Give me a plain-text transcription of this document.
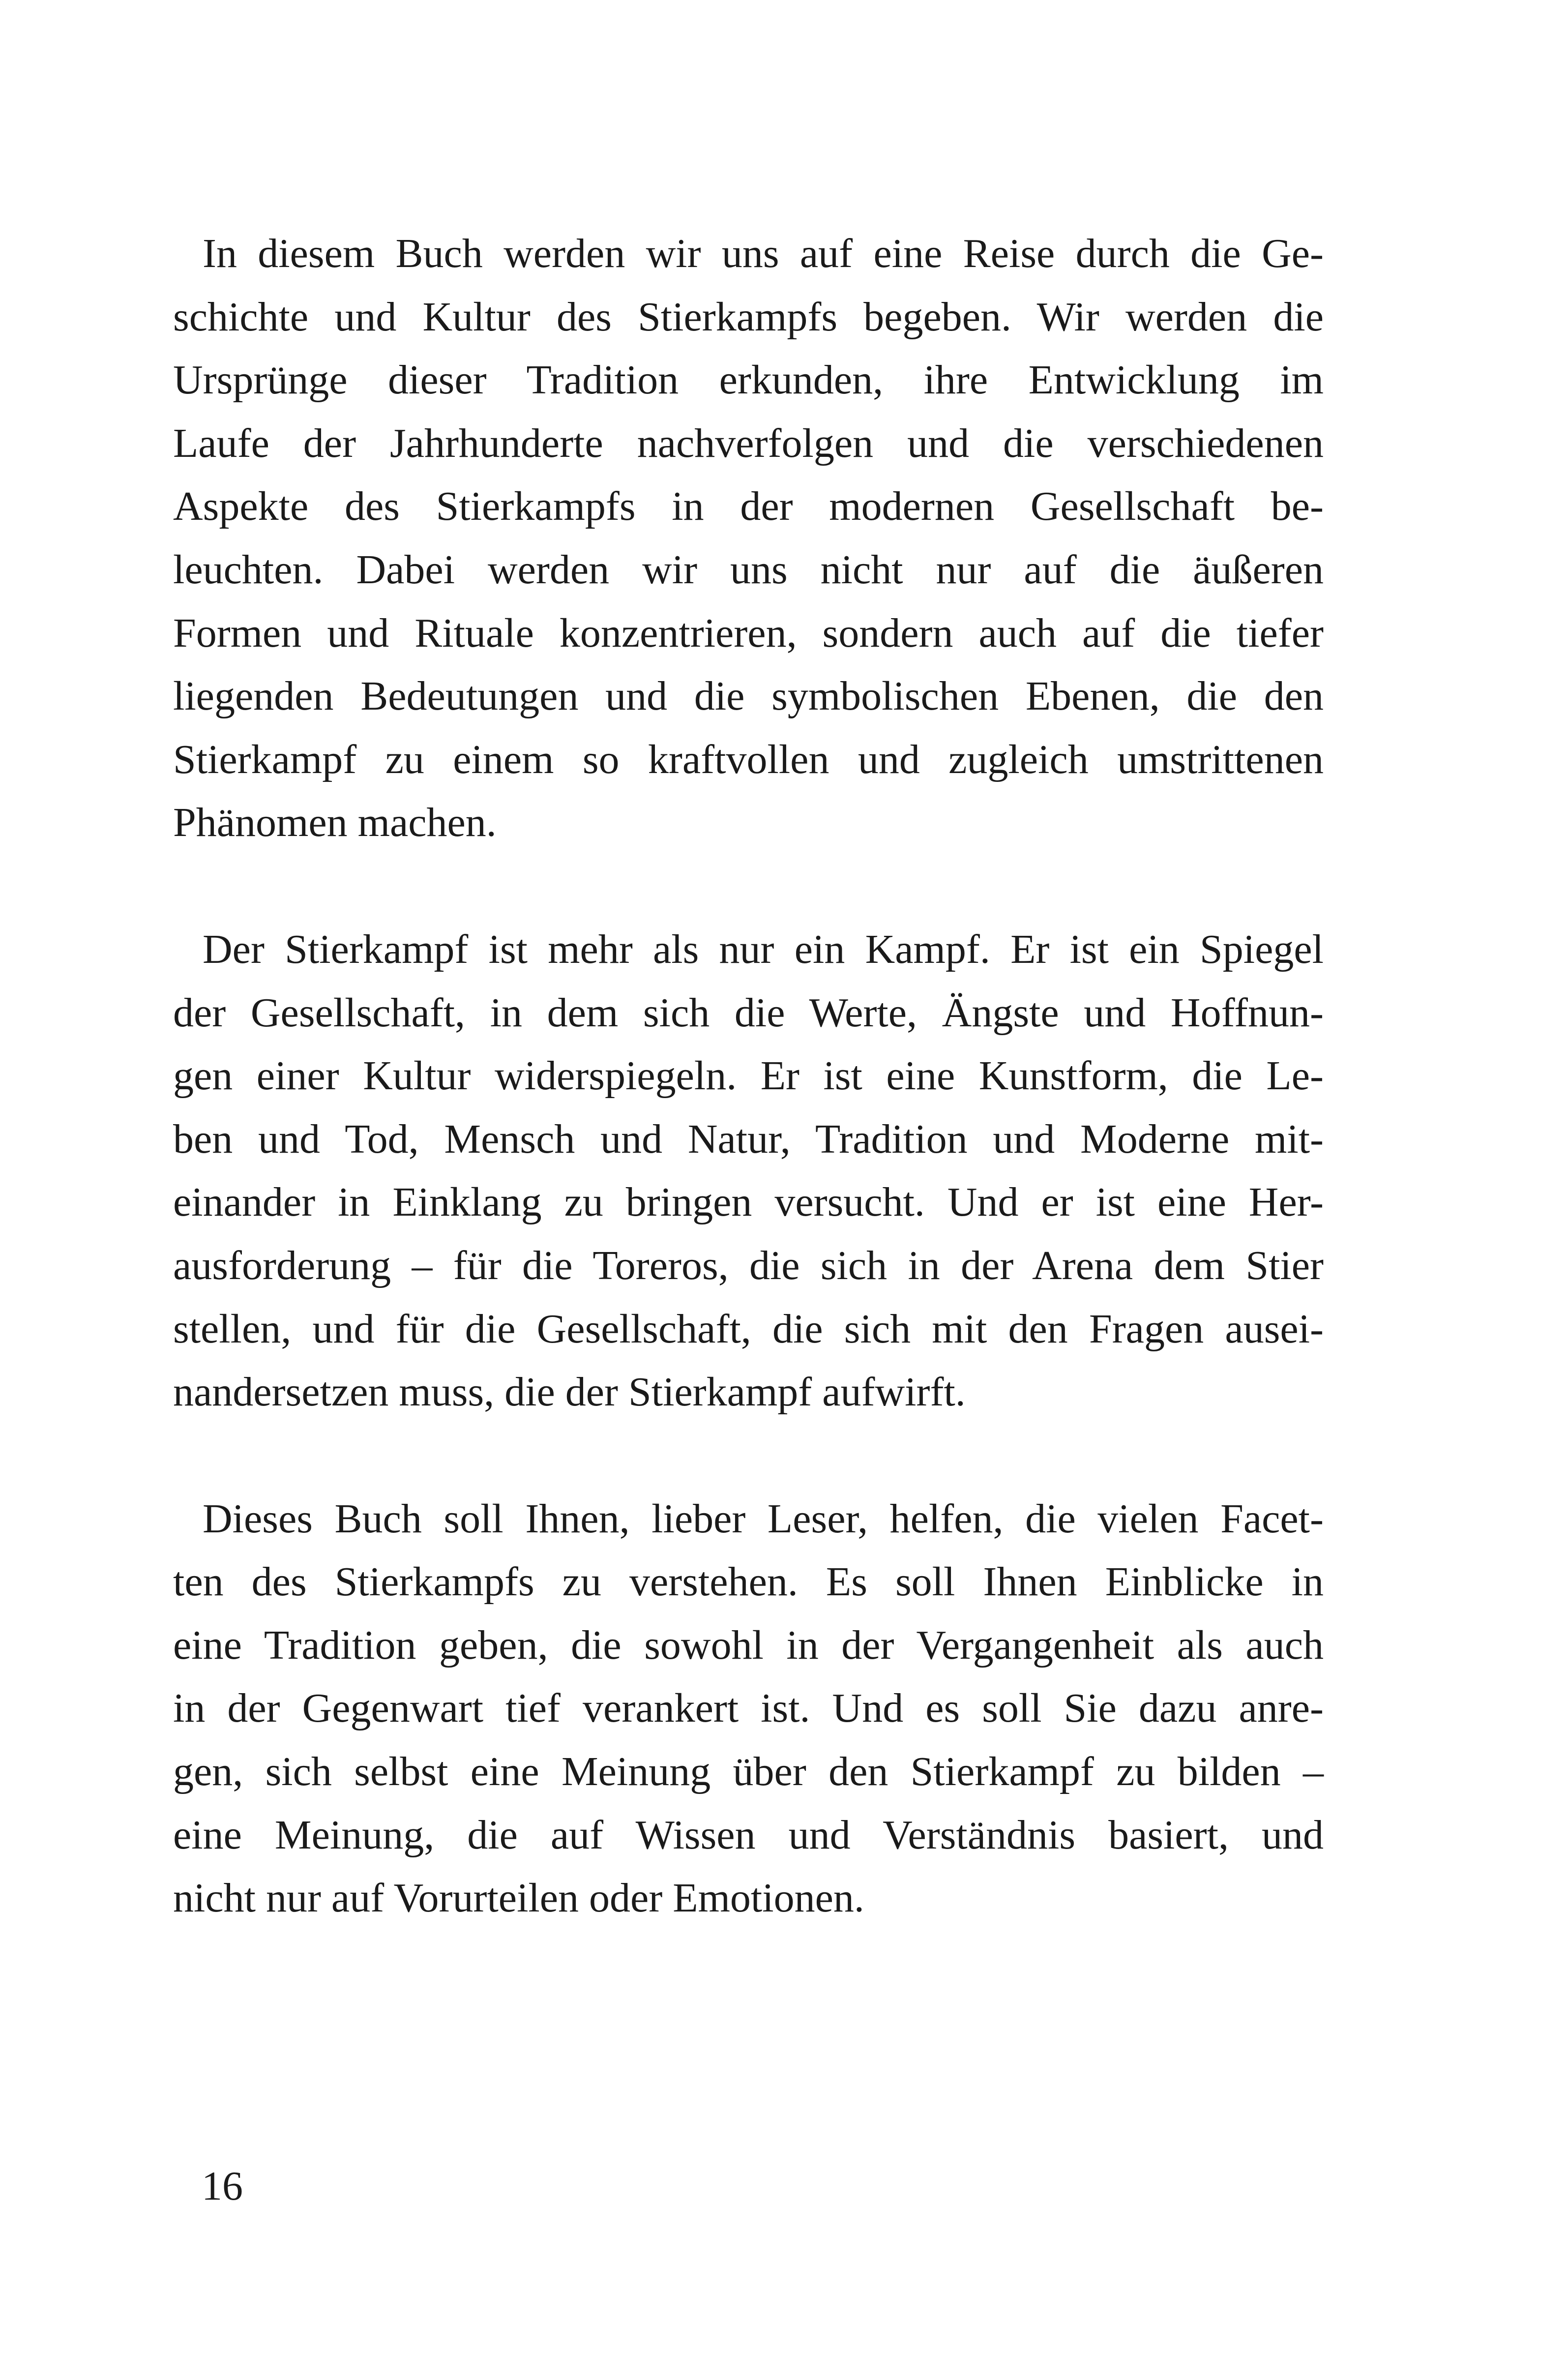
In diesem Buch werden wir uns auf eine Reise durch die Ge-
schichte und Kultur des Stierkampfs begeben. Wir werden die
Ursprünge dieser Tradition erkunden, ihre Entwicklung im
Laufe der Jahrhunderte nachverfolgen und die verschiedenen
Aspekte des Stierkampfs in der modernen Gesellschaft be-
leuchten. Dabei werden wir uns nicht nur auf die äußeren
Formen und Rituale konzentrieren, sondern auch auf die tiefer
liegenden Bedeutungen und die symbolischen Ebenen, die den
Stierkampf zu einem so kraftvollen und zugleich umstrittenen
Phänomen machen.
Der Stierkampf ist mehr als nur ein Kampf. Er ist ein Spiegel
der Gesellschaft, in dem sich die Werte, Ängste und Hoffnun-
gen einer Kultur widerspiegeln. Er ist eine Kunstform, die Le-
ben und Tod, Mensch und Natur, Tradition und Moderne mit-
einander in Einklang zu bringen versucht. Und er ist eine Her-
ausforderung – für die Toreros, die sich in der Arena dem Stier
stellen, und für die Gesellschaft, die sich mit den Fragen ausei-
nandersetzen muss, die der Stierkampf aufwirft.
Dieses Buch soll Ihnen, lieber Leser, helfen, die vielen Facet-
ten des Stierkampfs zu verstehen. Es soll Ihnen Einblicke in
eine Tradition geben, die sowohl in der Vergangenheit als auch
in der Gegenwart tief verankert ist. Und es soll Sie dazu anre-
gen, sich selbst eine Meinung über den Stierkampf zu bilden –
eine Meinung, die auf Wissen und Verständnis basiert, und
nicht nur auf Vorurteilen oder Emotionen.
16
